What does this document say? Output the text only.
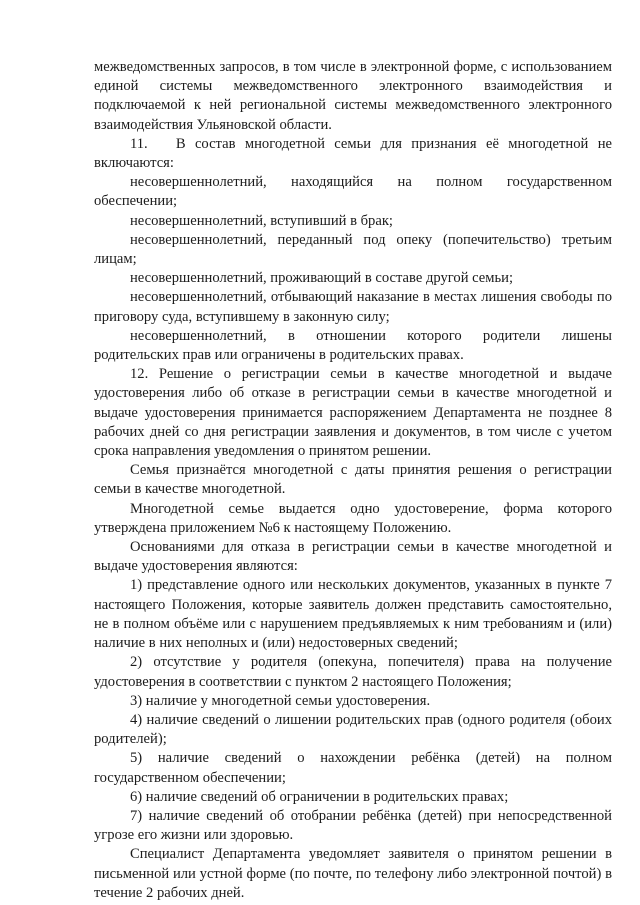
межведомственных запросов, в том числе в электронной форме, с использованием единой системы межведомственного электронного взаимодействия и подключаемой к ней региональной системы межведомственного электронного взаимодействия Ульяновской области.

11.   В состав многодетной семьи для признания её многодетной не включаются:

несовершеннолетний, находящийся на полном государственном обеспечении;

несовершеннолетний, вступивший в брак;

несовершеннолетний, переданный под опеку (попечительство) третьим лицам;

несовершеннолетний, проживающий в составе другой семьи;

несовершеннолетний, отбывающий наказание в местах лишения свободы по приговору суда, вступившему в законную силу;

несовершеннолетний, в отношении которого родители лишены родительских прав или ограничены в родительских правах.

12. Решение о регистрации семьи в качестве многодетной и выдаче удостоверения либо об отказе в регистрации семьи в качестве многодетной и выдаче удостоверения принимается распоряжением Департамента не позднее 8 рабочих дней со дня регистрации заявления и документов, в том числе с учетом срока направления уведомления о принятом решении.

Семья признаётся многодетной с даты принятия решения о регистрации семьи в качестве многодетной.

Многодетной семье выдается одно удостоверение, форма которого утверждена приложением №6 к настоящему Положению.

Основаниями для отказа в регистрации семьи в качестве многодетной и выдаче удостоверения являются:

1) представление одного или нескольких документов, указанных в пункте 7 настоящего Положения, которые заявитель должен представить самостоятельно, не в полном объёме или с нарушением предъявляемых к ним требованиям и (или) наличие в них неполных и (или) недостоверных сведений;

2) отсутствие у родителя (опекуна, попечителя) права на получение удостоверения в соответствии с пунктом 2 настоящего Положения;

3) наличие у многодетной семьи удостоверения.

4) наличие сведений о лишении родительских прав (одного родителя (обоих родителей);

5) наличие сведений о нахождении ребёнка (детей) на полном государственном обеспечении;

6) наличие сведений об ограничении в родительских правах;

7) наличие сведений об отобрании ребёнка (детей) при непосредственной угрозе его жизни или здоровью.

Специалист Департамента уведомляет заявителя о принятом решении в письменной или устной форме (по почте, по телефону либо электронной почтой) в течение 2 рабочих дней.
